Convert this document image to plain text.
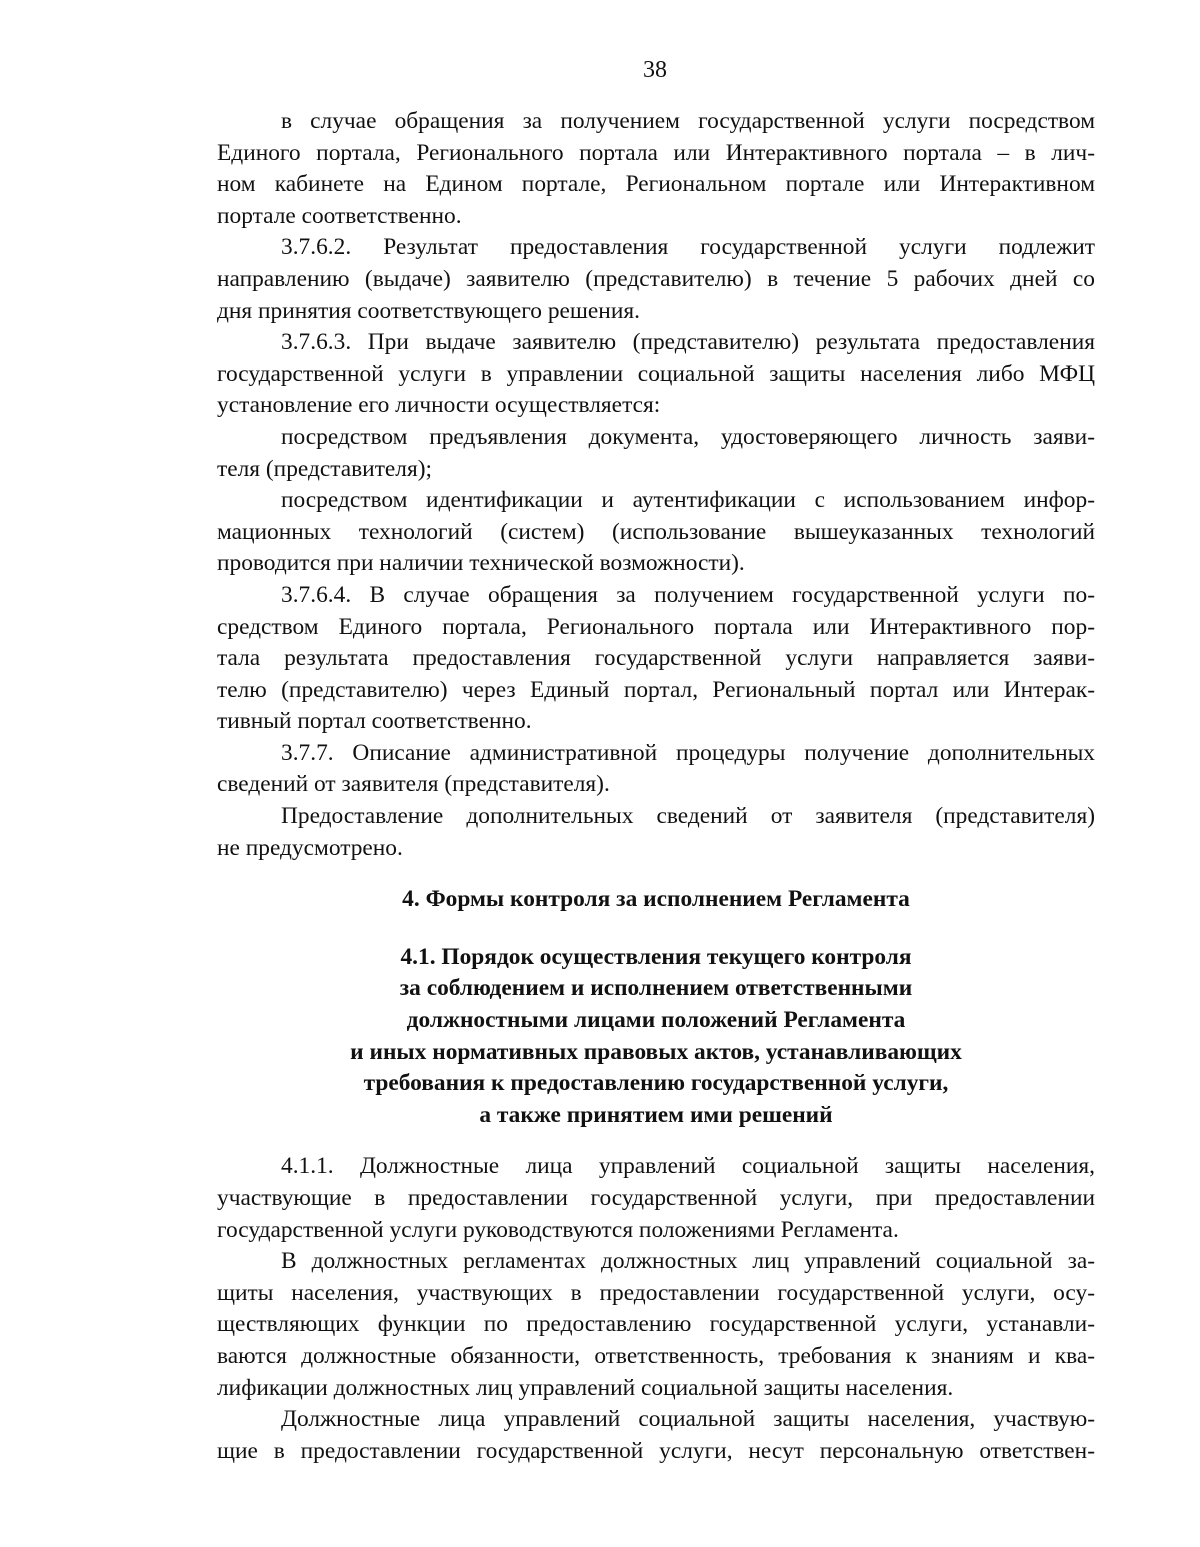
38

в случае обращения за получением государственной услуги посредством
Единого портала, Регионального портала или Интерактивного портала – в лич-
ном кабинете на Едином портале, Региональном портале или Интерактивном
портале соответственно.

3.7.6.2. Результат предоставления государственной услуги подлежит
направлению (выдаче) заявителю (представителю) в течение 5 рабочих дней со
дня принятия соответствующего решения.

3.7.6.3. При выдаче заявителю (представителю) результата предоставления
государственной услуги в управлении социальной защиты населения либо МФЦ
установление его личности осуществляется:

посредством предъявления документа, удостоверяющего личность заяви-
теля (представителя);

посредством идентификации и аутентификации с использованием инфор-
мационных технологий (систем) (использование вышеуказанных технологий
проводится при наличии технической возможности).

3.7.6.4. В случае обращения за получением государственной услуги по-
средством Единого портала, Регионального портала или Интерактивного пор-
тала результата предоставления государственной услуги направляется заяви-
телю (представителю) через Единый портал, Региональный портал или Интерак-
тивный портал соответственно.

3.7.7. Описание административной процедуры получение дополнительных
сведений от заявителя (представителя).

Предоставление дополнительных сведений от заявителя (представителя)
не предусмотрено.

4. Формы контроля за исполнением Регламента

4.1. Порядок осуществления текущего контроля
за соблюдением и исполнением ответственными
должностными лицами положений Регламента
и иных нормативных правовых актов, устанавливающих
требования к предоставлению государственной услуги,
а также принятием ими решений

4.1.1. Должностные лица управлений социальной защиты населения,
участвующие в предоставлении государственной услуги, при предоставлении
государственной услуги руководствуются положениями Регламента.

В должностных регламентах должностных лиц управлений социальной за-
щиты населения, участвующих в предоставлении государственной услуги, осу-
ществляющих функции по предоставлению государственной услуги, устанавли-
ваются должностные обязанности, ответственность, требования к знаниям и ква-
лификации должностных лиц управлений социальной защиты населения.

Должностные лица управлений социальной защиты населения, участвую-
щие в предоставлении государственной услуги, несут персональную ответствен-
